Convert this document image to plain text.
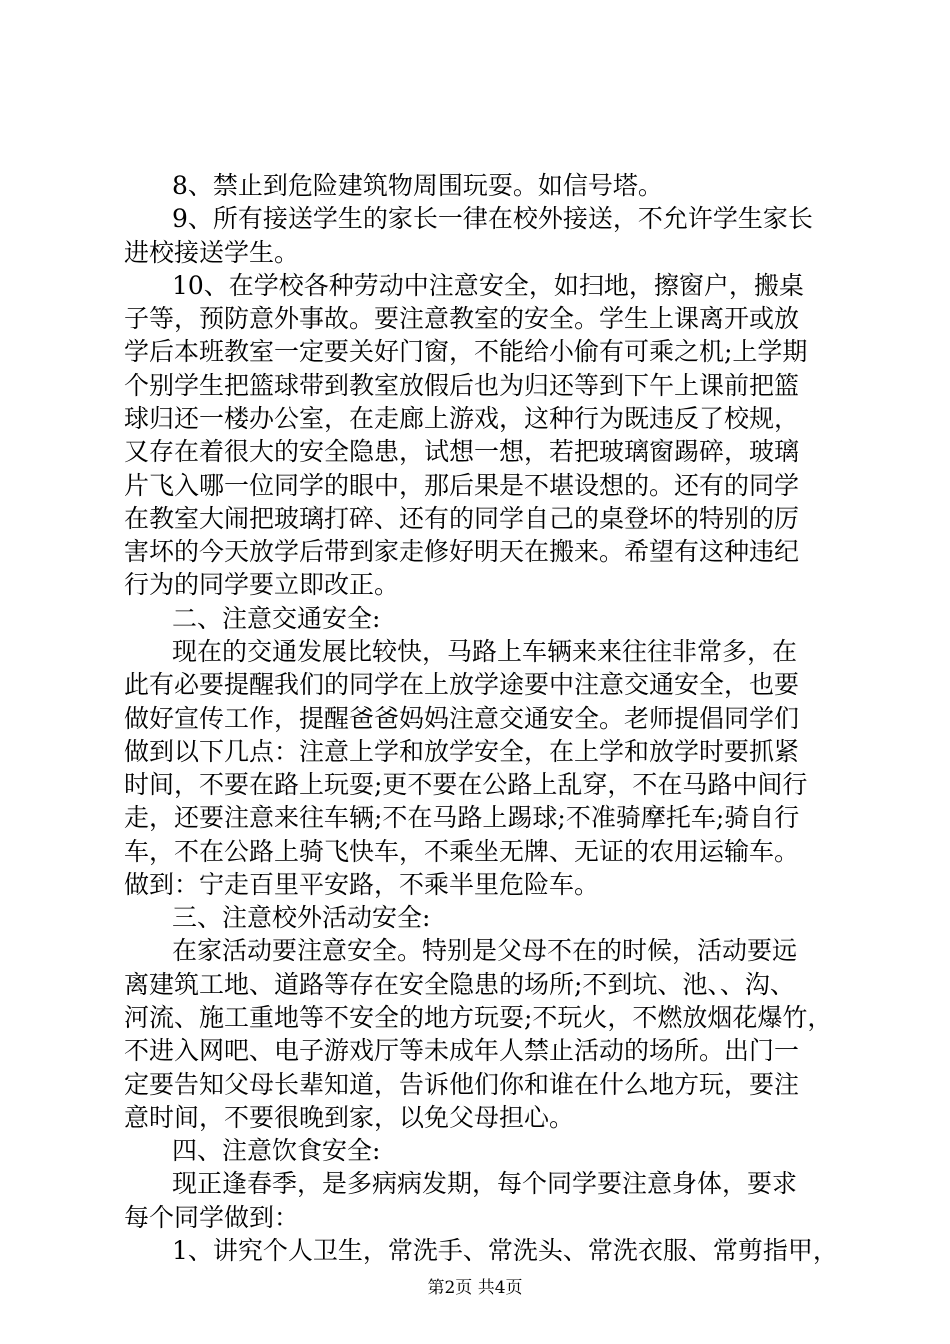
8、禁止到危险建筑物周围玩耍。如信号塔。
9、所有接送学生的家长一律在校外接送，不允许学生家长
进校接送学生。
10、在学校各种劳动中注意安全，如扫地，擦窗户，搬桌
子等，预防意外事故。要注意教室的安全。学生上课离开或放
学后本班教室一定要关好门窗，不能给小偷有可乘之机;上学期
个别学生把篮球带到教室放假后也为归还等到下午上课前把篮
球归还一楼办公室，在走廊上游戏，这种行为既违反了校规，
又存在着很大的安全隐患，试想一想，若把玻璃窗踢碎，玻璃
片飞入哪一位同学的眼中，那后果是不堪设想的。还有的同学
在教室大闹把玻璃打碎、还有的同学自己的桌登坏的特别的厉
害坏的今天放学后带到家走修好明天在搬来。希望有这种违纪
行为的同学要立即改正。
二、注意交通安全:
现在的交通发展比较快，马路上车辆来来往往非常多，在
此有必要提醒我们的同学在上放学途要中注意交通安全，也要
做好宣传工作，提醒爸爸妈妈注意交通安全。老师提倡同学们
做到以下几点：注意上学和放学安全，在上学和放学时要抓紧
时间，不要在路上玩耍;更不要在公路上乱穿，不在马路中间行
走，还要注意来往车辆;不在马路上踢球;不准骑摩托车;骑自行
车，不在公路上骑飞快车，不乘坐无牌、无证的农用运输车。
做到：宁走百里平安路，不乘半里危险车。
三、注意校外活动安全:
在家活动要注意安全。特别是父母不在的时候，活动要远
离建筑工地、道路等存在安全隐患的场所;不到坑、池、、沟、
河流、施工重地等不安全的地方玩耍;不玩火，不燃放烟花爆竹，
不进入网吧、电子游戏厅等未成年人禁止活动的场所。出门一
定要告知父母长辈知道，告诉他们你和谁在什么地方玩，要注
意时间，不要很晚到家，以免父母担心。
四、注意饮食安全:
现正逢春季，是多病病发期，每个同学要注意身体，要求
每个同学做到：
1、讲究个人卫生，常洗手、常洗头、常洗衣服、常剪指甲，
第2页 共4页
